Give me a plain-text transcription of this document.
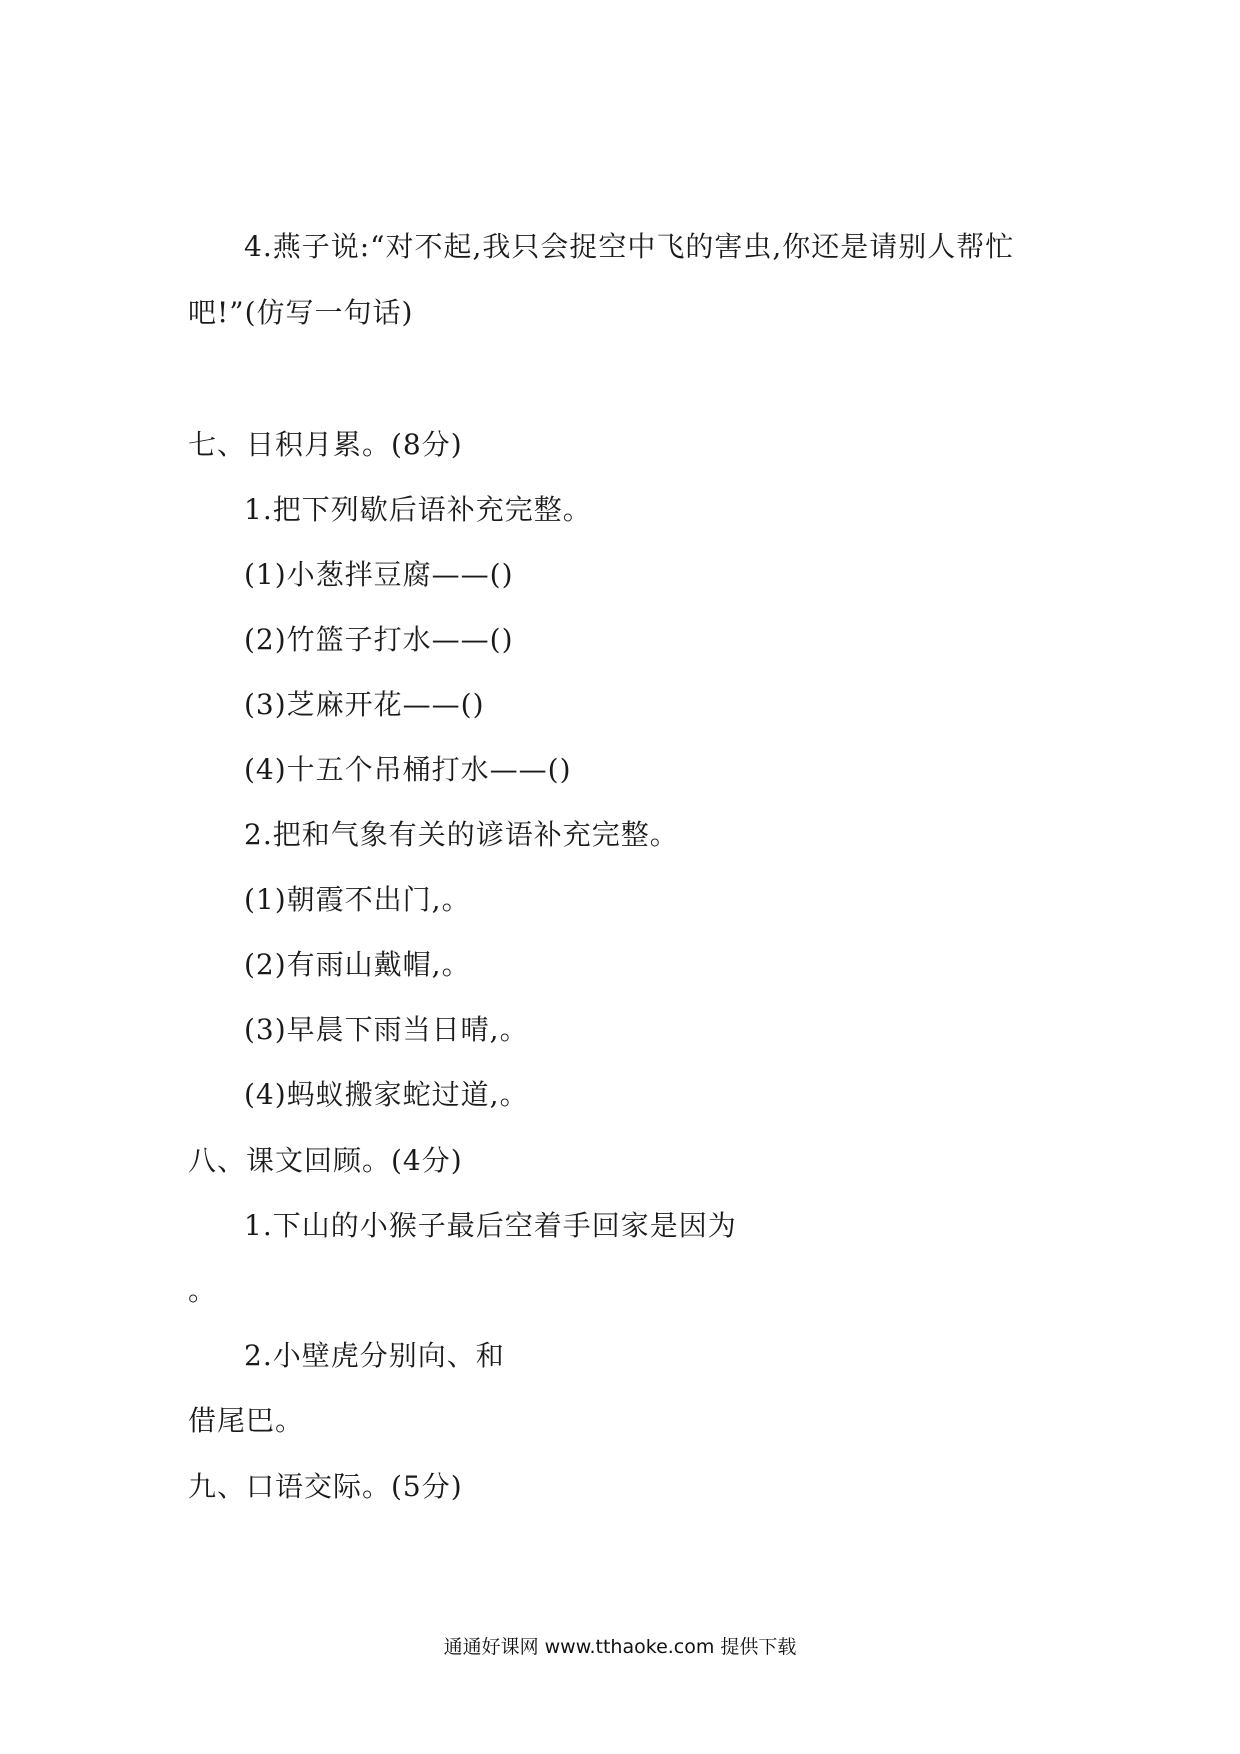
4.燕子说:“对不起,我只会捉空中飞的害虫,你还是请别人帮忙
吧!”(仿写一句话)
七、日积月累。(8分)
1.把下列歇后语补充完整。
(1)小葱拌豆腐——()
(2)竹篮子打水——()
(3)芝麻开花——()
(4)十五个吊桶打水——()
2.把和气象有关的谚语补充完整。
(1)朝霞不出门,。
(2)有雨山戴帽,。
(3)早晨下雨当日晴,。
(4)蚂蚁搬家蛇过道,。
八、课文回顾。(4分)
1.下山的小猴子最后空着手回家是因为
。
2.小壁虎分别向、和
借尾巴。
九、口语交际。(5分)
通通好课网 www.tthaoke.com 提供下载
